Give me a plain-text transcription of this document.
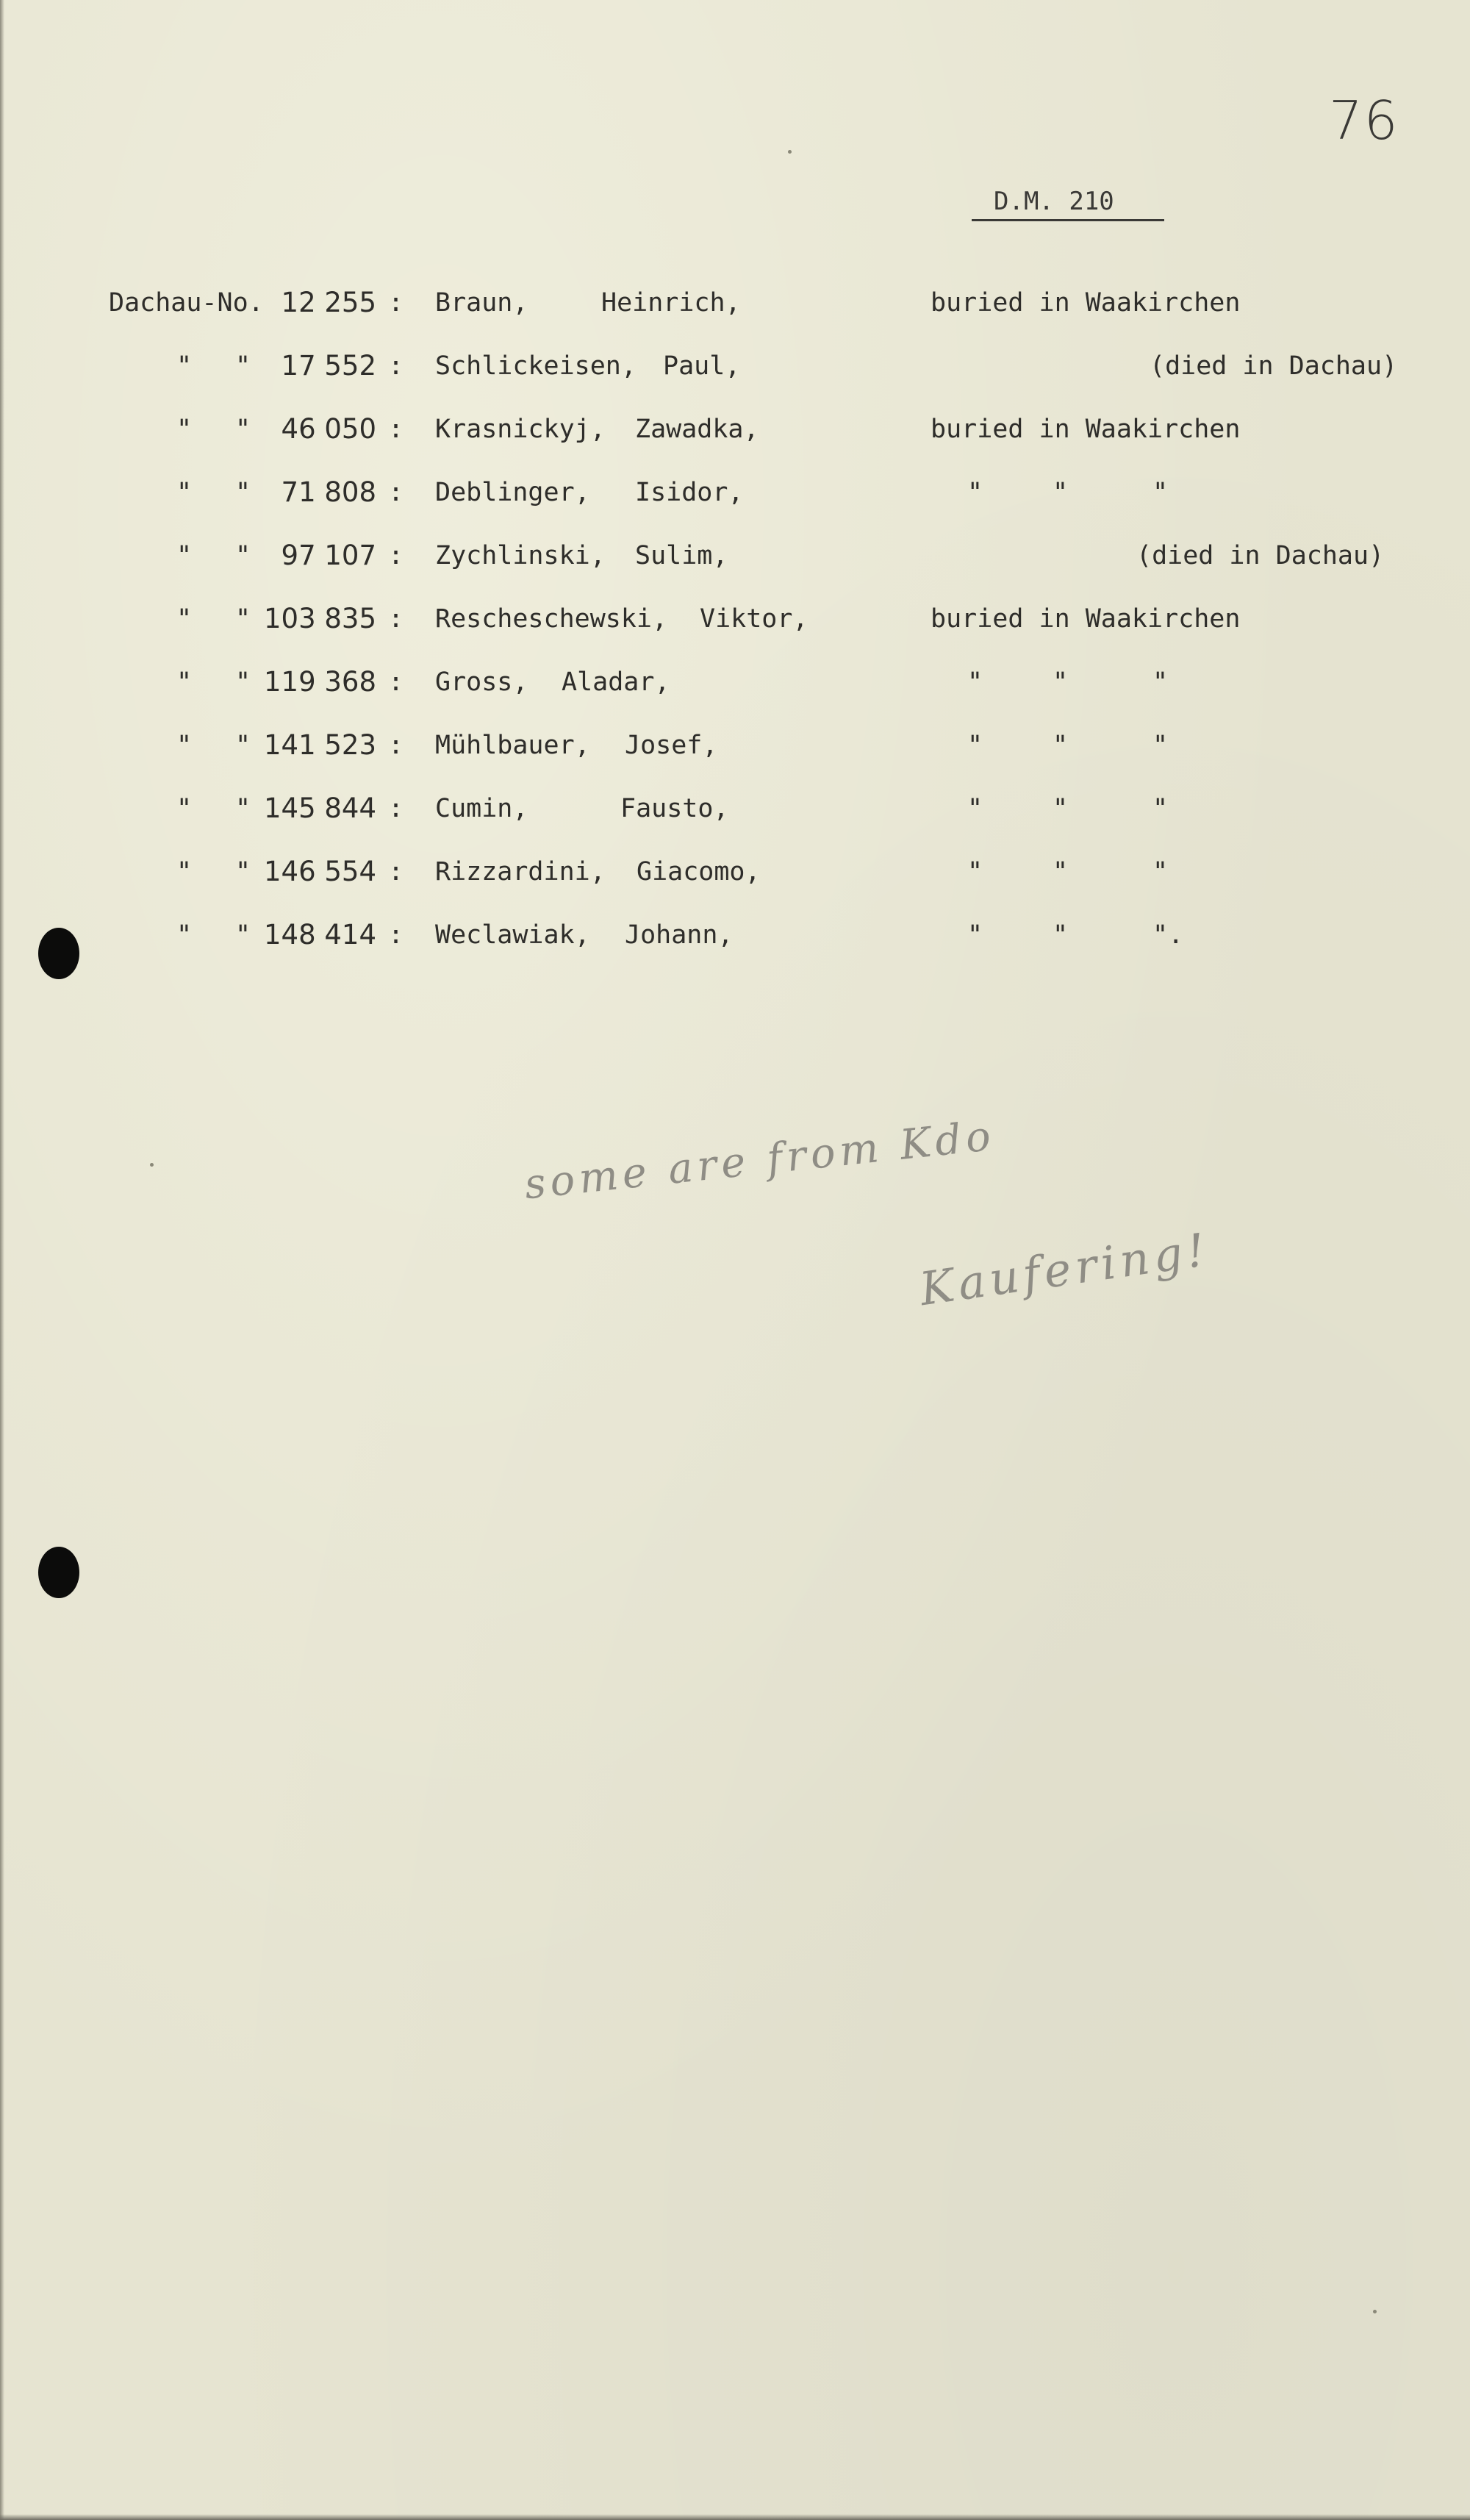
76
D.M. 210
Dachau-No. 12 255 : Braun,	Heinrich,	buried in Waakirchen
" " 17 552 : Schlickeisen, Paul,	(died in Dachau)
" " 46 050 : Krasnickyj, Zawadka,	buried in Waakirchen
" " 71 808 : Deblinger, Isidor,	"	"	"
" " 97 107 : Zychlinski, Sulim,	(died in Dachau)
" " 103 835 : Rescheschewski, Viktor,	buried in Waakirchen
" " 119 368 : Gross, Aladar,	"	"	"
" " 141 523 : Mühlbauer, Josef,	"	"	"
" " 145 844 : Cumin,	Fausto,	"	"	"
" " 146 554 : Rizzardini, Giacomo,	"	"	"
" " 148 414 : Weclawiak, Johann,	"	"	".
some are from Kdo
Kaufering!
